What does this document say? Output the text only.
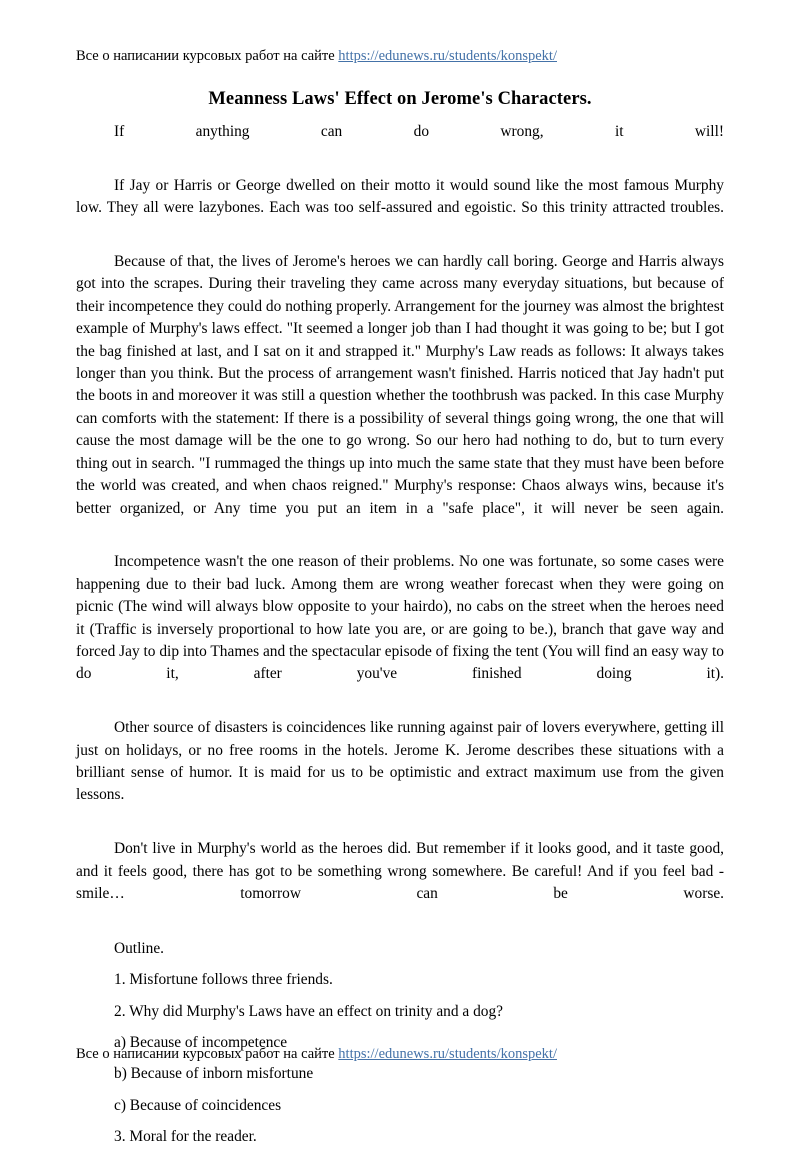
Все о написании курсовых работ на сайте https://edunews.ru/students/konspekt/
Meanness Laws' Effect on Jerome's Characters.

If anything can do wrong, it will!

If Jay or Harris or George dwelled on their motto it would sound like the most famous Murphy low. They all were lazybones. Each was too self-assured and egoistic. So this trinity attracted troubles.

Because of that, the lives of Jerome's heroes we can hardly call boring. George and Harris always got into the scrapes. During their traveling they came across many everyday situations, but because of their incompetence they could do nothing properly. Arrangement for the journey was almost the brightest example of Murphy's laws effect. "It seemed a longer job than I had thought it was going to be; but I got the bag finished at last, and I sat on it and strapped it." Murphy's Law reads as follows: It always takes longer than you think. But the process of arrangement wasn't finished. Harris noticed that Jay hadn't put the boots in and moreover it was still a question whether the toothbrush was packed. In this case Murphy can comforts with the statement: If there is a possibility of several things going wrong, the one that will cause the most damage will be the one to go wrong. So our hero had nothing to do, but to turn every thing out in search. "I rummaged the things up into much the same state that they must have been before the world was created, and when chaos reigned." Murphy's response: Chaos always wins, because it's better organized, or Any time you put an item in a "safe place", it will never be seen again.

Incompetence wasn't the one reason of their problems. No one was fortunate, so some cases were happening due to their bad luck. Among them are wrong weather forecast when they were going on picnic (The wind will always blow opposite to your hairdo), no cabs on the street when the heroes need it (Traffic is inversely proportional to how late you are, or are going to be.), branch that gave way and forced Jay to dip into Thames and the spectacular episode of fixing the tent (You will find an easy way to do it, after you've finished doing it).

Other source of disasters is coincidences like running against pair of lovers everywhere, getting ill just on holidays, or no free rooms in the hotels. Jerome K. Jerome describes these situations with a brilliant sense of humor. It is maid for us to be optimistic and extract maximum use from the given lessons.

Don't live in Murphy's world as the heroes did. But remember if it looks good, and it taste good, and it feels good, there has got to be something wrong somewhere. Be careful! And if you feel bad - smile… tomorrow can be worse.

Outline.

1. Misfortune follows three friends.

2. Why did Murphy's Laws have an effect on trinity and a dog?

a) Because of incompetence

b) Because of inborn misfortune

c) Because of coincidences

3. Moral for the reader.

Все о написании курсовых работ на сайте https://edunews.ru/students/konspekt/
